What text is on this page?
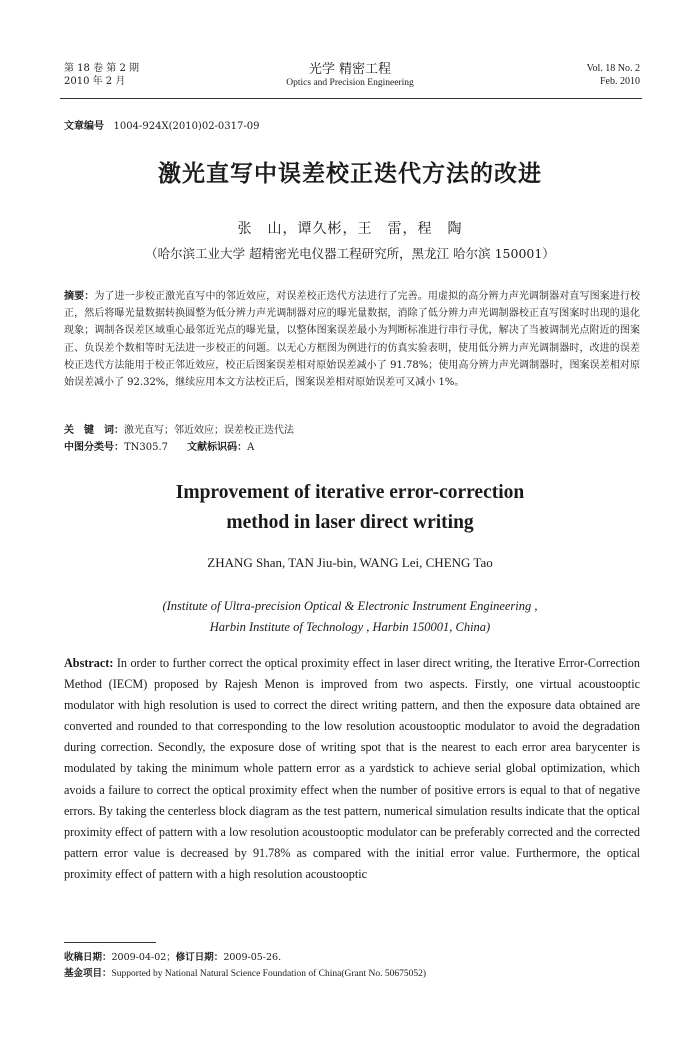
第 18 卷 第 2 期
2010 年 2 月
光学 精密工程
Optics and Precision Engineering
Vol. 18 No. 2
Feb. 2010
文章编号 1004-924X(2010)02-0317-09
激光直写中误差校正迭代方法的改进
张　山，谭久彬，王　雷，程　陶
（哈尔滨工业大学 超精密光电仪器工程研究所，黑龙江 哈尔滨 150001）
摘要：为了进一步校正激光直写中的邻近效应，对误差校正迭代方法进行了完善。用虚拟的高分辨力声光调制器对直写图案进行校正，然后将曝光量数据转换圆整为低分辨力声光调制器对应的曝光量数据，消除了低分辨力声光调制器校正直写图案时出现的退化现象；调制各误差区域重心最邻近光点的曝光量，以整体图案误差最小为判断标准进行串行寻优，解决了当被调制光点附近的图案正、负误差个数相等时无法进一步校正的问题。以无心方框图为例进行的仿真实验表明，使用低分辨力声光调制器时，改进的误差校正迭代方法能用于校正邻近效应，校正后图案误差相对原始误差减小了 91.78%；使用高分辨力声光调制器时，图案误差相对原始误差减小了 92.32%，继续应用本文方法校正后，图案误差相对原始误差可又减小 1%。
关　键　词：激光直写；邻近效应；误差校正迭代法
中图分类号：TN305.7 文献标识码：A
Improvement of iterative error-correction
method in laser direct writing
ZHANG Shan, TAN Jiu-bin, WANG Lei, CHENG Tao
(Institute of Ultra-precision Optical & Electronic Instrument Engineering ,
Harbin Institute of Technology , Harbin 150001, China)
Abstract: In order to further correct the optical proximity effect in laser direct writing, the Iterative Error-Correction Method (IECM) proposed by Rajesh Menon is improved from two aspects. Firstly, one virtual acoustooptic modulator with high resolution is used to correct the direct writing pattern, and then the exposure data obtained are converted and rounded to that corresponding to the low resolution acoustooptic modulator to avoid the degradation during correction. Secondly, the exposure dose of writing spot that is the nearest to each error area barycenter is modulated by taking the minimum whole pattern error as a yardstick to achieve serial global optimization, which avoids a failure to correct the optical proximity effect when the number of positive errors is equal to that of negative errors. By taking the centerless block diagram as the test pattern, numerical simulation results indicate that the optical proximity effect of pattern with a low resolution acoustooptic modulator can be preferably corrected and the corrected pattern error value is decreased by 91.78% as compared with the initial error value. Furthermore, the optical proximity effect of pattern with a high resolution acoustooptic
收稿日期：2009-04-02；修订日期：2009-05-26.
基金项目：Supported by National Natural Science Foundation of China(Grant No. 50675052)
